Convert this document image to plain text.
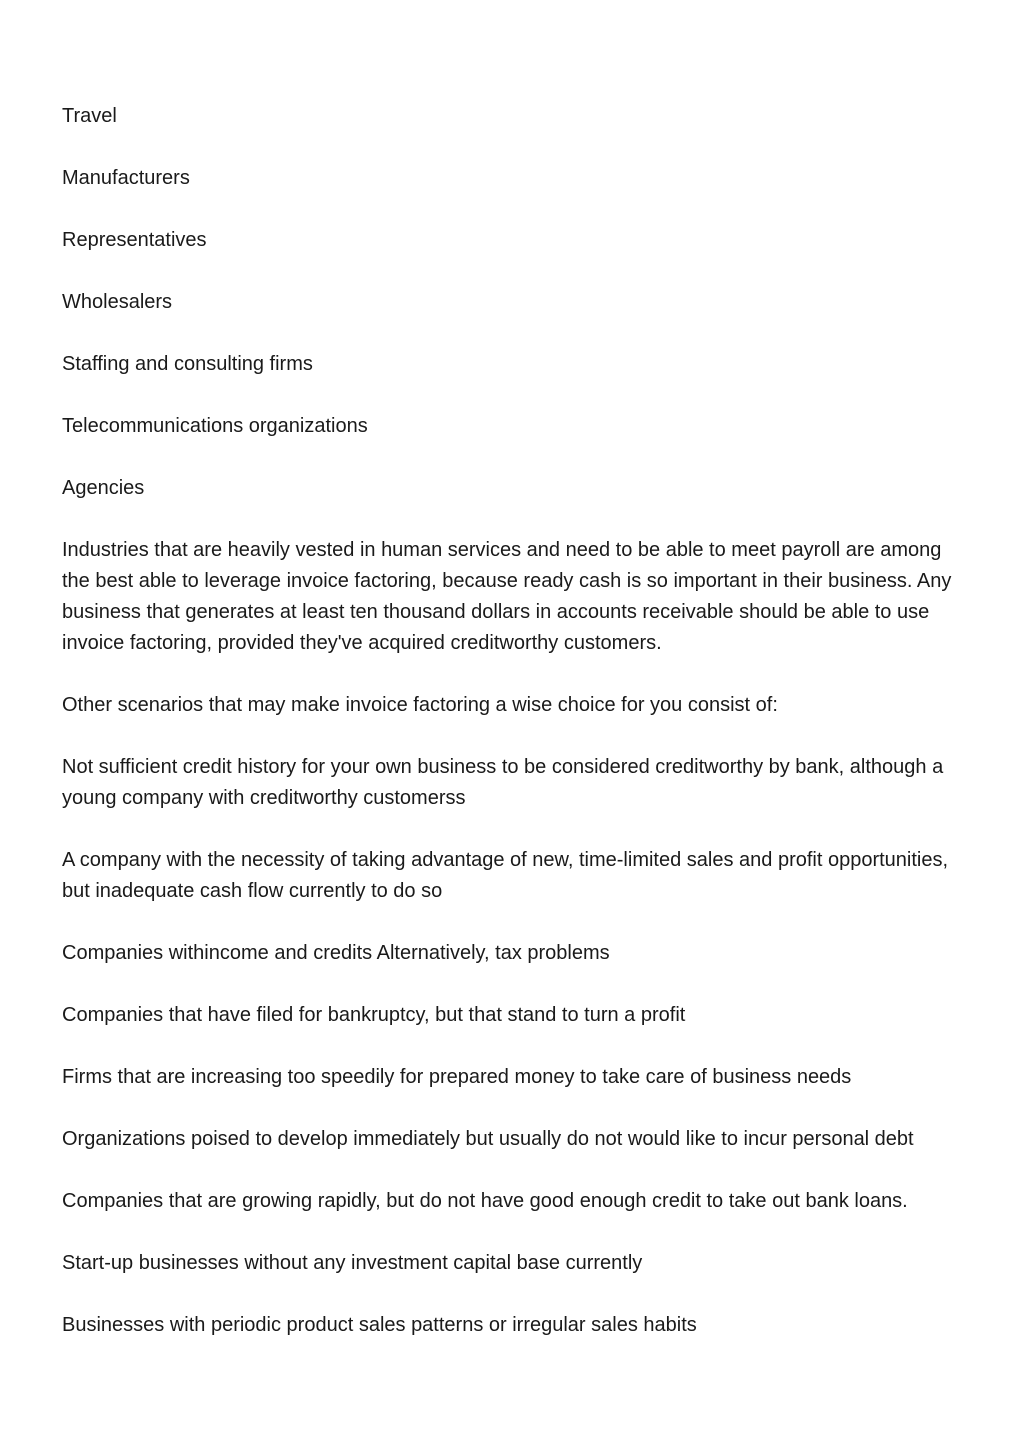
Travel

Manufacturers

Representatives

Wholesalers

Staffing and consulting firms

Telecommunications organizations

Agencies

Industries that are heavily vested in human services and need to be able to meet payroll are among the best able to leverage invoice factoring, because ready cash is so important in their business. Any business that generates at least ten thousand dollars in accounts receivable should be able to use invoice factoring, provided they've acquired creditworthy customers.

Other scenarios that may make invoice factoring a wise choice for you consist of:

Not sufficient credit history for your own business to be considered creditworthy by bank, although a young company with creditworthy customerss

A company with the necessity of taking advantage of new, time-limited sales and profit opportunities, but inadequate cash flow currently to do so

Companies withincome and credits Alternatively, tax problems

Companies that have filed for bankruptcy, but that stand to turn a profit

Firms that are increasing too speedily for prepared money to take care of business needs

Organizations poised to develop immediately but usually do not would like to incur personal debt

Companies that are growing rapidly, but do not have good enough credit to take out bank loans.

Start-up businesses without any investment capital base currently

Businesses with periodic product sales patterns or irregular sales habits
